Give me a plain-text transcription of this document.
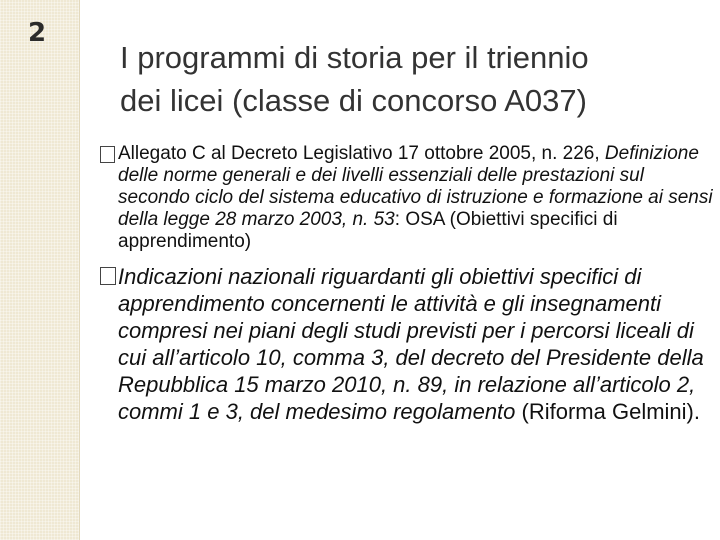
2
I programmi di storia per il triennio
dei licei (classe di concorso A037)
Allegato C al Decreto Legislativo 17 ottobre 2005, n. 226, Definizione delle norme generali e dei livelli essenziali delle prestazioni sul secondo ciclo del sistema educativo di istruzione e formazione ai sensi della legge 28 marzo 2003, n. 53: OSA (Obiettivi specifici di apprendimento)
Indicazioni nazionali riguardanti gli obiettivi specifici di apprendimento concernenti le attività e gli insegnamenti compresi nei piani degli studi previsti per i percorsi liceali di cui all’articolo 10, comma 3, del decreto del Presidente della Repubblica 15 marzo 2010, n. 89, in relazione all’articolo 2, commi 1 e 3, del medesimo regolamento (Riforma Gelmini).
